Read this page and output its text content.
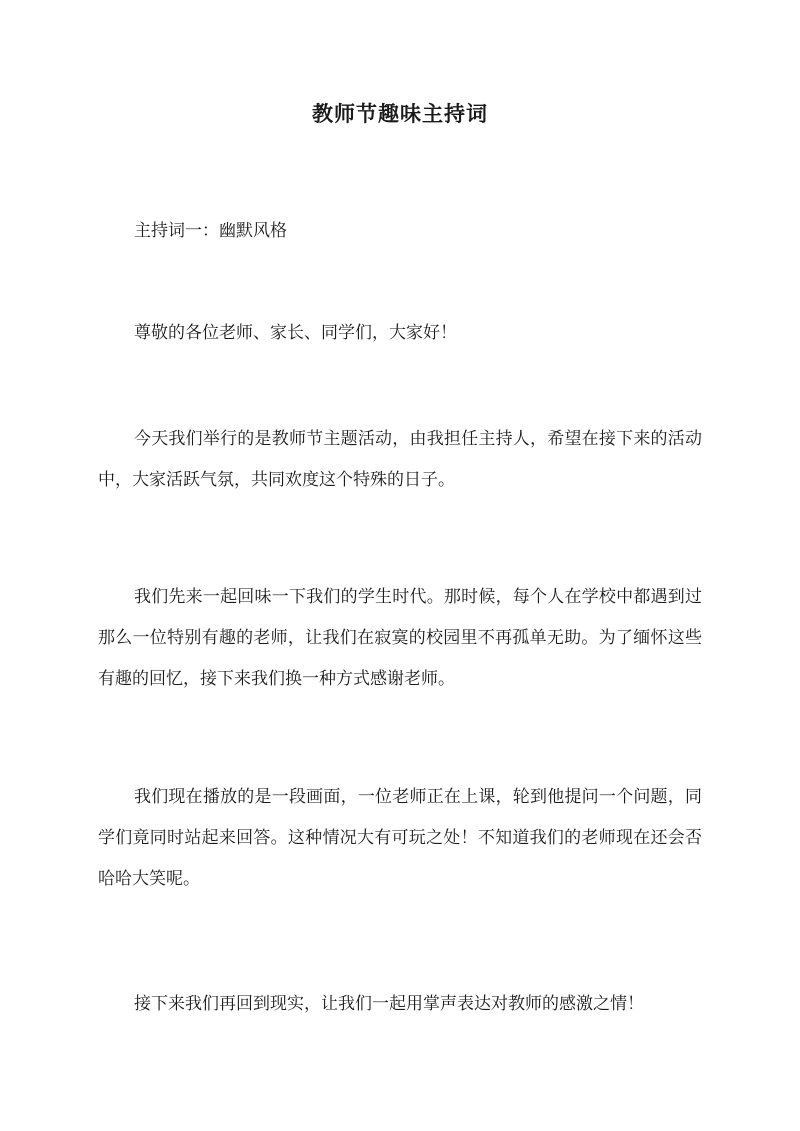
教师节趣味主持词

主持词一：幽默风格

尊敬的各位老师、家长、同学们，大家好！

今天我们举行的是教师节主题活动，由我担任主持人，希望在接下来的活动中，大家活跃气氛，共同欢度这个特殊的日子。

我们先来一起回味一下我们的学生时代。那时候，每个人在学校中都遇到过那么一位特别有趣的老师，让我们在寂寞的校园里不再孤单无助。为了缅怀这些有趣的回忆，接下来我们换一种方式感谢老师。

我们现在播放的是一段画面，一位老师正在上课，轮到他提问一个问题，同学们竟同时站起来回答。这种情况大有可玩之处！不知道我们的老师现在还会否哈哈大笑呢。

接下来我们再回到现实，让我们一起用掌声表达对教师的感激之情！
